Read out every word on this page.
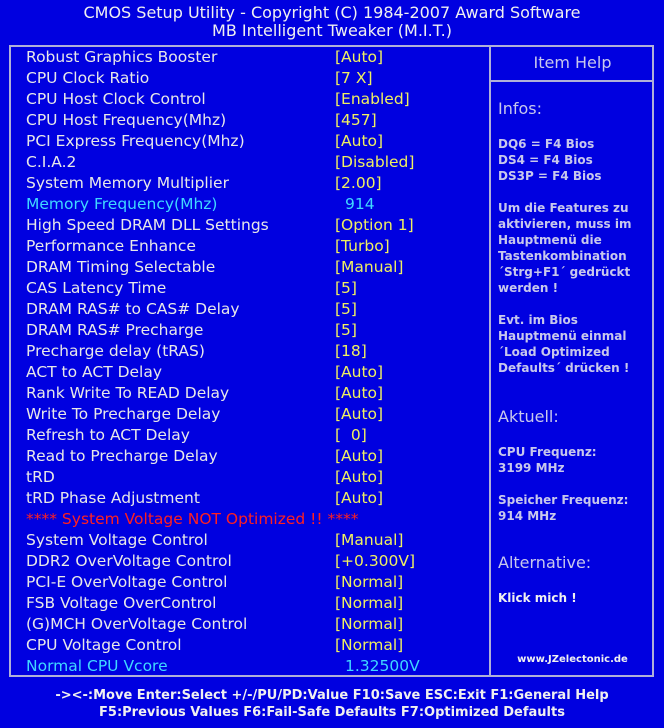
CMOS Setup Utility - Copyright (C) 1984-2007 Award Software
MB Intelligent Tweaker (M.I.T.)
Robust Graphics Booster	[Auto]
CPU Clock Ratio	[7 X]
CPU Host Clock Control	[Enabled]
CPU Host Frequency(Mhz)	[457]
PCI Express Frequency(Mhz)	[Auto]
C.I.A.2	[Disabled]
System Memory Multiplier	[2.00]
Memory Frequency(Mhz)	914
High Speed DRAM DLL Settings	[Option 1]
Performance Enhance	[Turbo]
DRAM Timing Selectable	[Manual]
CAS Latency Time	[5]
DRAM RAS# to CAS# Delay	[5]
DRAM RAS# Precharge	[5]
Precharge delay (tRAS)	[18]
ACT to ACT Delay	[Auto]
Rank Write To READ Delay	[Auto]
Write To Precharge Delay	[Auto]
Refresh to ACT Delay	[  0]
Read to Precharge Delay	[Auto]
tRD	[Auto]
tRD Phase Adjustment	[Auto]
**** System Voltage NOT Optimized !! ****
System Voltage Control	[Manual]
DDR2 OverVoltage Control	[+0.300V]
PCI-E OverVoltage Control	[Normal]
FSB Voltage OverControl	[Normal]
(G)MCH OverVoltage Control	[Normal]
CPU Voltage Control	[Normal]
Normal CPU Vcore	1.32500V
Item Help
Infos:
DQ6 = F4 Bios
DS4 = F4 Bios
DS3P = F4 Bios
Um die Features zu
aktivieren, muss im
Hauptmenü die
Tastenkombination
´Strg+F1´ gedrückt
werden !
Evt. im Bios
Hauptmenü einmal
´Load Optimized
Defaults´ drücken !
Aktuell:
CPU Frequenz:
3199 MHz
Speicher Frequenz:
914 MHz
Alternative:
Klick mich !
www.JZelectonic.de
-><-:Move Enter:Select +/-/PU/PD:Value F10:Save ESC:Exit F1:General Help
F5:Previous Values F6:Fail-Safe Defaults F7:Optimized Defaults
